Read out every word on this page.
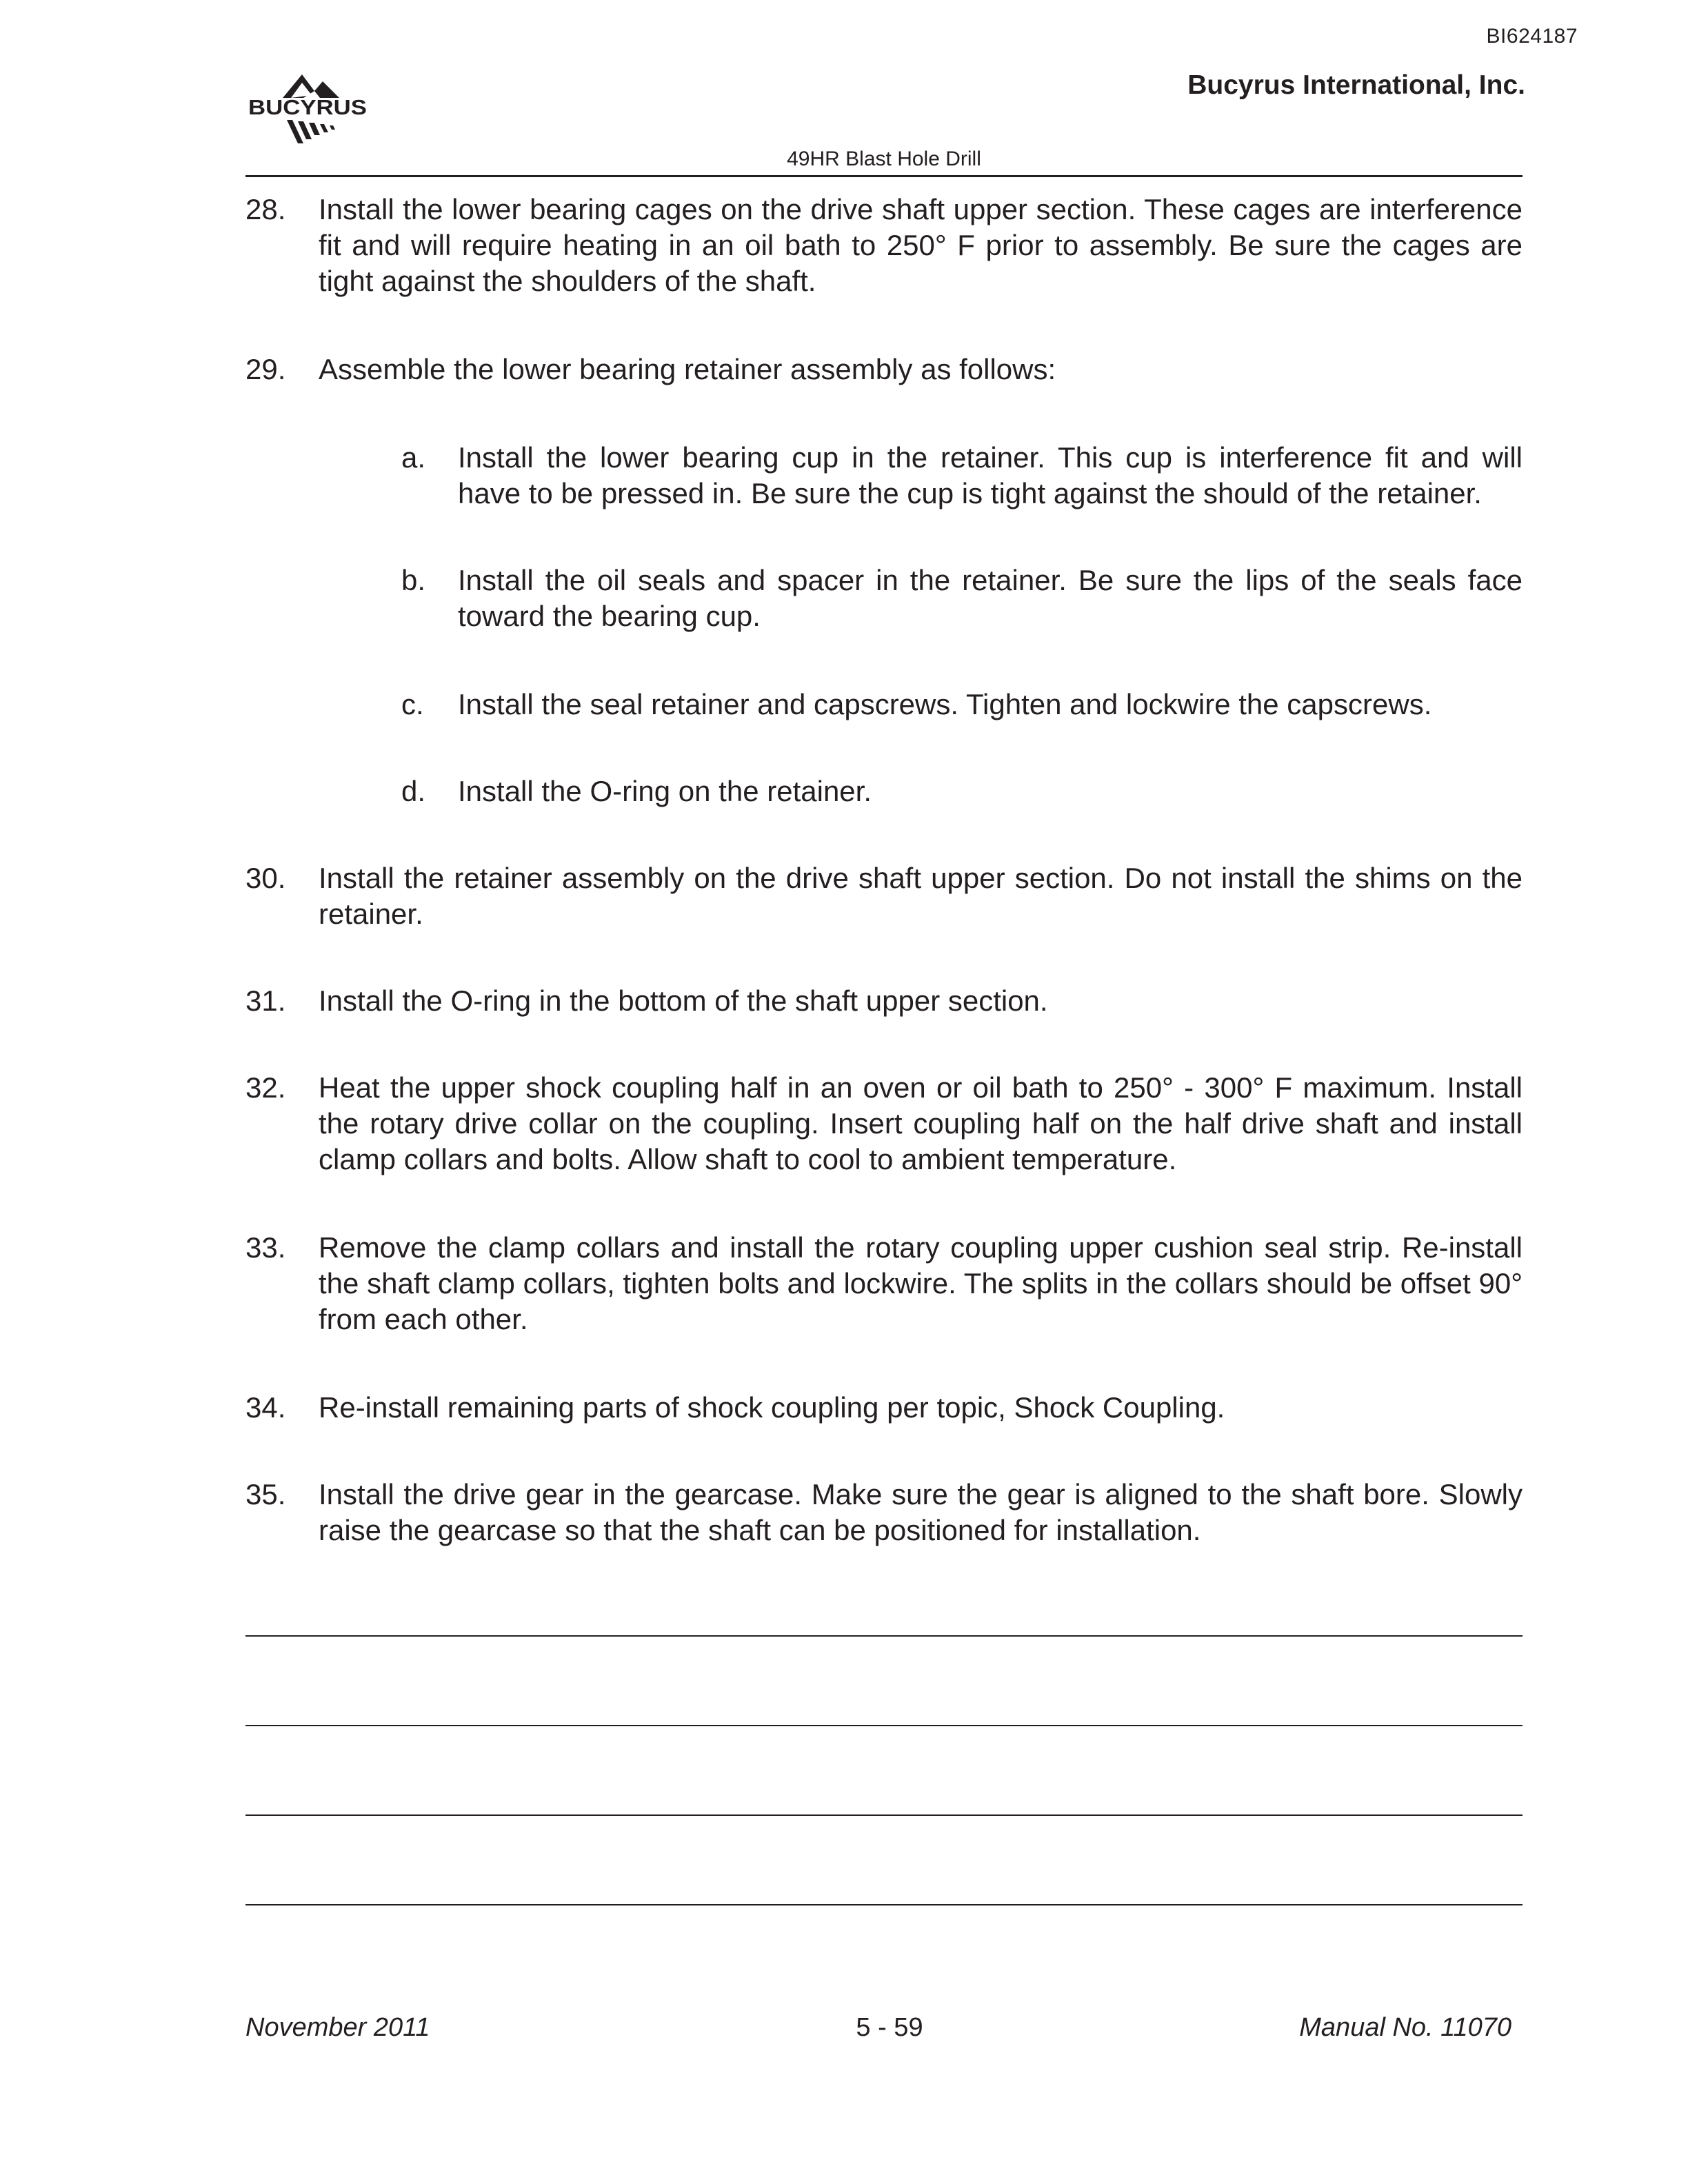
BI624187
Bucyrus International, Inc.
BUCYRUS
49HR Blast Hole Drill
28. Install the lower bearing cages on the drive shaft upper section. These cages are interference fit and will require heating in an oil bath to 250° F prior to assembly. Be sure the cages are tight against the shoulders of the shaft.
29. Assemble the lower bearing retainer assembly as follows:
a. Install the lower bearing cup in the retainer. This cup is interference fit and will have to be pressed in. Be sure the cup is tight against the should of the retainer.
b. Install the oil seals and spacer in the retainer. Be sure the lips of the seals face toward the bearing cup.
c. Install the seal retainer and capscrews. Tighten and lockwire the capscrews.
d. Install the O-ring on the retainer.
30. Install the retainer assembly on the drive shaft upper section. Do not install the shims on the retainer.
31. Install the O-ring in the bottom of the shaft upper section.
32. Heat the upper shock coupling half in an oven or oil bath to 250° - 300° F maximum. Install the rotary drive collar on the coupling. Insert coupling half on the half drive shaft and install clamp collars and bolts. Allow shaft to cool to ambient temperature.
33. Remove the clamp collars and install the rotary coupling upper cushion seal strip. Re-install the shaft clamp collars, tighten bolts and lockwire. The splits in the collars should be offset 90° from each other.
34. Re-install remaining parts of shock coupling per topic, Shock Coupling.
35. Install the drive gear in the gearcase. Make sure the gear is aligned to the shaft bore. Slowly raise the gearcase so that the shaft can be positioned for installation.
November 2011	5 - 59	Manual No. 11070
